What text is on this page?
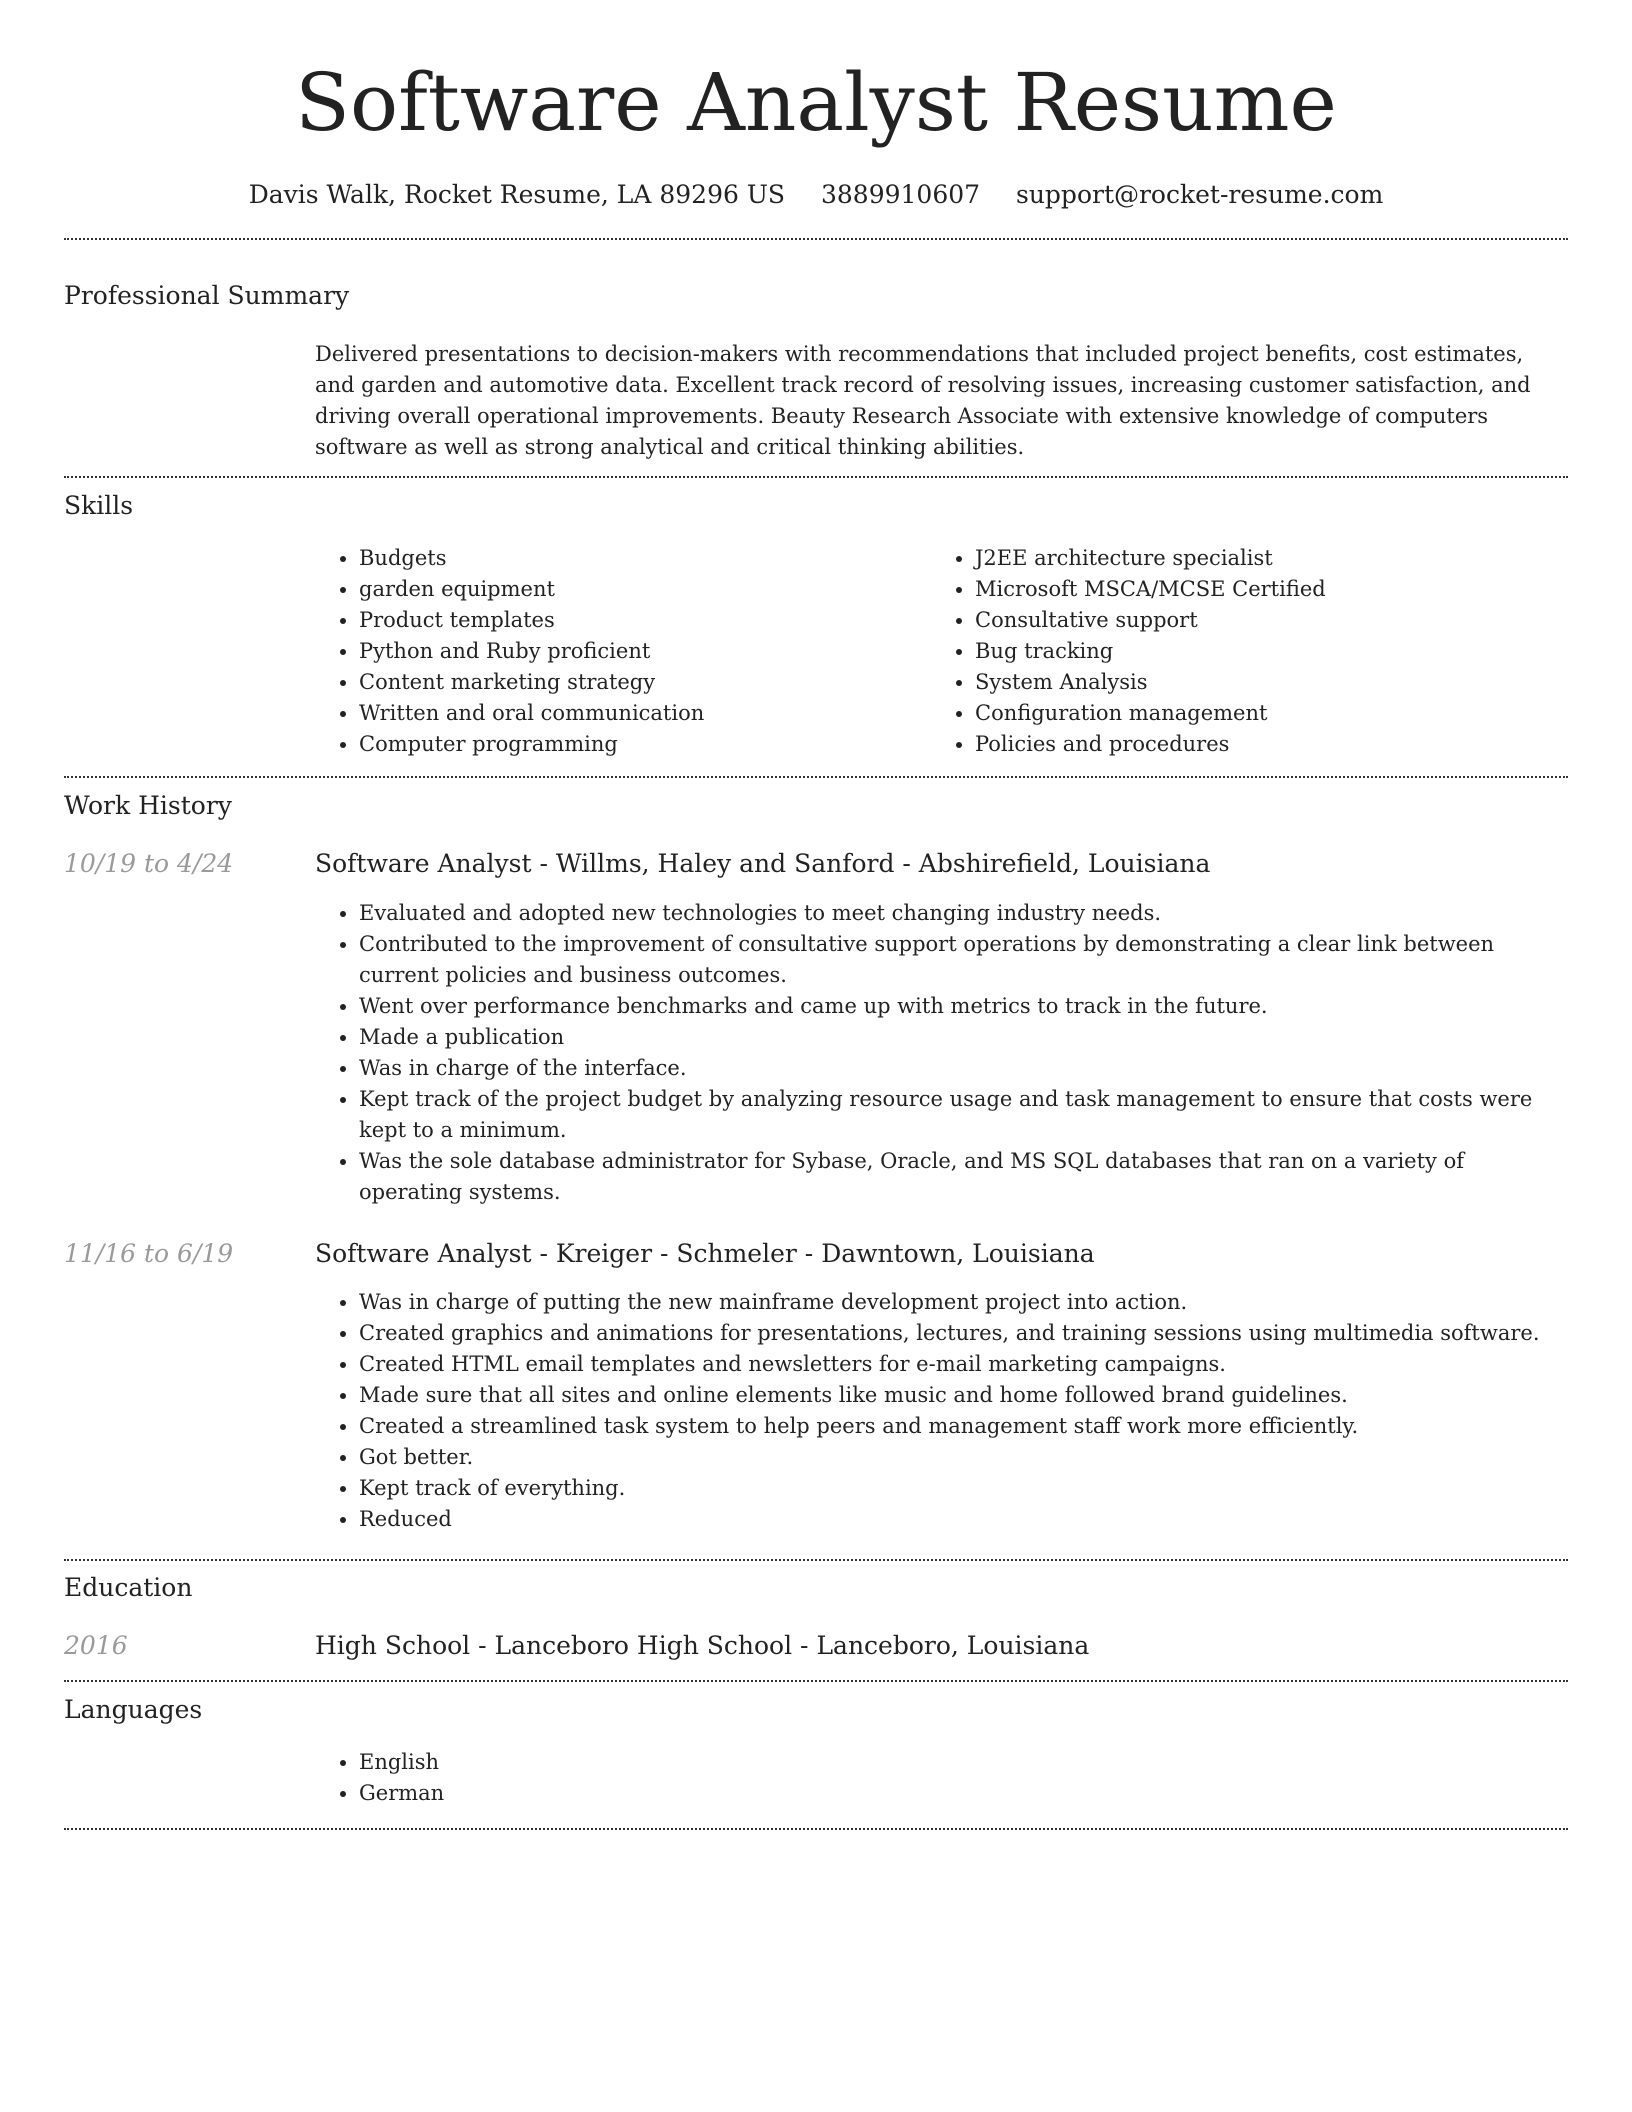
Software Analyst Resume
Davis Walk, Rocket Resume, LA 89296 US 3889910607 support@rocket-resume.com
Professional Summary

Delivered presentations to decision-makers with recommendations that included project benefits, cost estimates, and garden and automotive data. Excellent track record of resolving issues, increasing customer satisfaction, and driving overall operational improvements. Beauty Research Associate with extensive knowledge of computers software as well as strong analytical and critical thinking abilities.

Skills
• Budgets
• garden equipment
• Product templates
• Python and Ruby proficient
• Content marketing strategy
• Written and oral communication
• Computer programming
• J2EE architecture specialist
• Microsoft MSCA/MCSE Certified
• Consultative support
• Bug tracking
• System Analysis
• Configuration management
• Policies and procedures
Work History
10/19 to 4/24	Software Analyst - Willms, Haley and Sanford - Abshirefield, Louisiana
• Evaluated and adopted new technologies to meet changing industry needs.
• Contributed to the improvement of consultative support operations by demonstrating a clear link between current policies and business outcomes.
• Went over performance benchmarks and came up with metrics to track in the future.
• Made a publication
• Was in charge of the interface.
• Kept track of the project budget by analyzing resource usage and task management to ensure that costs were kept to a minimum.
• Was the sole database administrator for Sybase, Oracle, and MS SQL databases that ran on a variety of operating systems.
11/16 to 6/19	Software Analyst - Kreiger - Schmeler - Dawntown, Louisiana
• Was in charge of putting the new mainframe development project into action.
• Created graphics and animations for presentations, lectures, and training sessions using multimedia software.
• Created HTML email templates and newsletters for e-mail marketing campaigns.
• Made sure that all sites and online elements like music and home followed brand guidelines.
• Created a streamlined task system to help peers and management staff work more efficiently.
• Got better.
• Kept track of everything.
• Reduced
Education
2016	High School - Lanceboro High School - Lanceboro, Louisiana
Languages
• English
• German
